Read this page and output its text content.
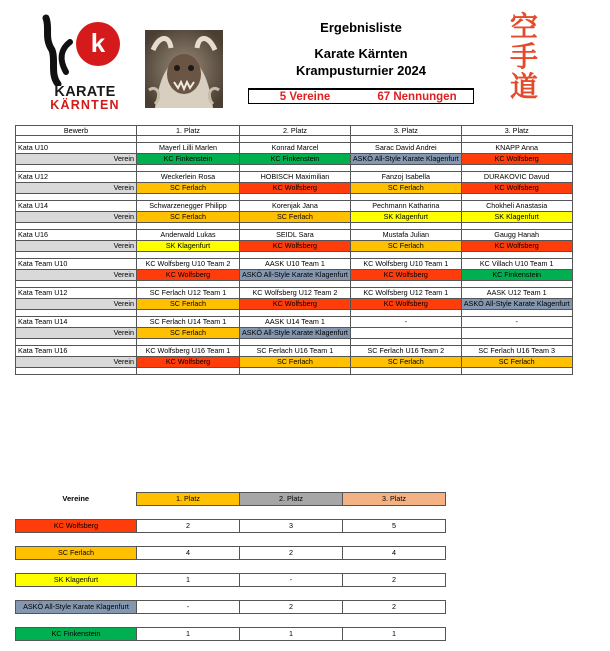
k
KARATE
KÄRNTEN
Ergebnisliste
Karate Kärnten
Krampusturnier 2024
5 Vereine	67 Nennungen
空
手
道
Bewerb	1. Platz	2. Platz	3. Platz	3. Platz

Kata U10	Mayerl Lilli Marlen	Konrad Marcel	Sarac David Andrei	KNAPP Anna
Verein	KC Finkenstein	KC Finkenstein	ASKÖ All-Style Karate Klagenfurt	KC Wolfsberg

Kata U12	Weckerlein Rosa	HOBISCH Maximilian	Fanzoj Isabella	DURAKOVIC Davud
Verein	SC Ferlach	KC Wolfsberg	SC Ferlach	KC Wolfsberg

Kata U14	Schwarzenegger Philipp	Korenjak Jana	Pechmann Katharina	Chokheli Anastasia
Verein	SC Ferlach	SC Ferlach	SK Klagenfurt	SK Klagenfurt

Kata U16	Anderwald Lukas	SEIDL Sara	Mustafa Julian	Gaugg Hanah
Verein	SK Klagenfurt	KC Wolfsberg	SC Ferlach	KC Wolfsberg

Kata Team U10	KC Wolfsberg U10 Team 2	AASK U10 Team 1	KC Wolfsberg U10 Team 1	KC Villach U10 Team 1
Verein	KC Wolfsberg	ASKÖ All-Style Karate Klagenfurt	KC Wolfsberg	KC Finkenstein

Kata Team U12	SC Ferlach U12 Team 1	KC Wolfsberg U12 Team 2	KC Wolfsberg U12 Team 1	AASK U12 Team 1
Verein	SC Ferlach	KC Wolfsberg	KC Wolfsberg	ASKÖ All-Style Karate Klagenfurt

Kata Team U14	SC Ferlach U14 Team 1	AASK U14 Team 1	-	-
Verein	SC Ferlach	ASKÖ All-Style Karate Klagenfurt		

Kata Team U16	KC Wolfsberg U16 Team 1	SC Ferlach U16 Team 1	SC Ferlach U16 Team 2	SC Ferlach U16 Team 3
Verein	KC Wolfsberg	SC Ferlach	SC Ferlach	SC Ferlach

Vereine	1. Platz	2. Platz	3. Platz

KC Wolfsberg	2	3	5

SC Ferlach	4	2	4

SK Klagenfurt	1	-	2

ASKÖ All-Style Karate Klagenfurt	-	2	2

KC Finkenstein	1	1	1
